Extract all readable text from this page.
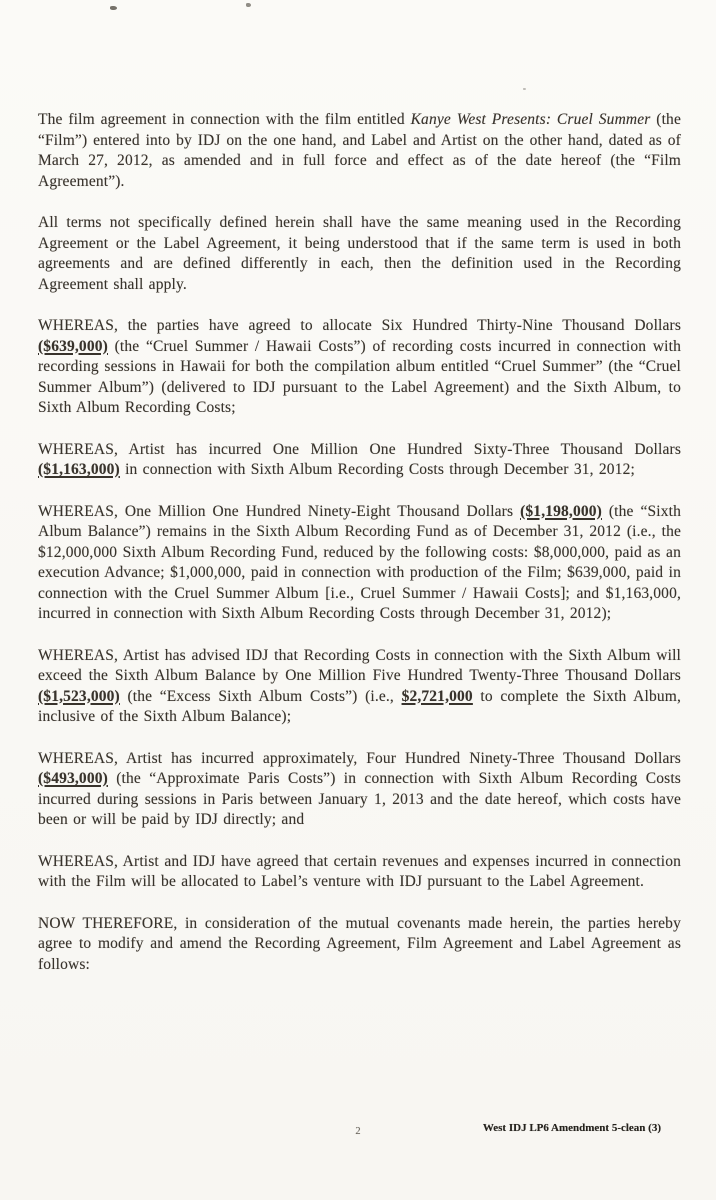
The film agreement in connection with the film entitled Kanye West Presents: Cruel Summer (the “Film”) entered into by IDJ on the one hand, and Label and Artist on the other hand, dated as of March 27, 2012, as amended and in full force and effect as of the date hereof (the “Film Agreement”).

All terms not specifically defined herein shall have the same meaning used in the Recording Agreement or the Label Agreement, it being understood that if the same term is used in both agreements and are defined differently in each, then the definition used in the Recording Agreement shall apply.

WHEREAS, the parties have agreed to allocate Six Hundred Thirty-Nine Thousand Dollars ($639,000) (the “Cruel Summer / Hawaii Costs”) of recording costs incurred in connection with recording sessions in Hawaii for both the compilation album entitled “Cruel Summer” (the “Cruel Summer Album”) (delivered to IDJ pursuant to the Label Agreement) and the Sixth Album, to Sixth Album Recording Costs;

WHEREAS, Artist has incurred One Million One Hundred Sixty-Three Thousand Dollars ($1,163,000) in connection with Sixth Album Recording Costs through December 31, 2012;

WHEREAS, One Million One Hundred Ninety-Eight Thousand Dollars ($1,198,000) (the “Sixth Album Balance”) remains in the Sixth Album Recording Fund as of December 31, 2012 (i.e., the $12,000,000 Sixth Album Recording Fund, reduced by the following costs: $8,000,000, paid as an execution Advance; $1,000,000, paid in connection with production of the Film; $639,000, paid in connection with the Cruel Summer Album [i.e., Cruel Summer / Hawaii Costs]; and $1,163,000, incurred in connection with Sixth Album Recording Costs through December 31, 2012);

WHEREAS, Artist has advised IDJ that Recording Costs in connection with the Sixth Album will exceed the Sixth Album Balance by One Million Five Hundred Twenty-Three Thousand Dollars ($1,523,000) (the “Excess Sixth Album Costs”) (i.e., $2,721,000 to complete the Sixth Album, inclusive of the Sixth Album Balance);

WHEREAS, Artist has incurred approximately, Four Hundred Ninety-Three Thousand Dollars ($493,000) (the “Approximate Paris Costs”) in connection with Sixth Album Recording Costs incurred during sessions in Paris between January 1, 2013 and the date hereof, which costs have been or will be paid by IDJ directly; and

WHEREAS, Artist and IDJ have agreed that certain revenues and expenses incurred in connection with the Film will be allocated to Label’s venture with IDJ pursuant to the Label Agreement.

NOW THEREFORE, in consideration of the mutual covenants made herein, the parties hereby agree to modify and amend the Recording Agreement, Film Agreement and Label Agreement as follows:

2	West IDJ LP6 Amendment 5-clean (3)
